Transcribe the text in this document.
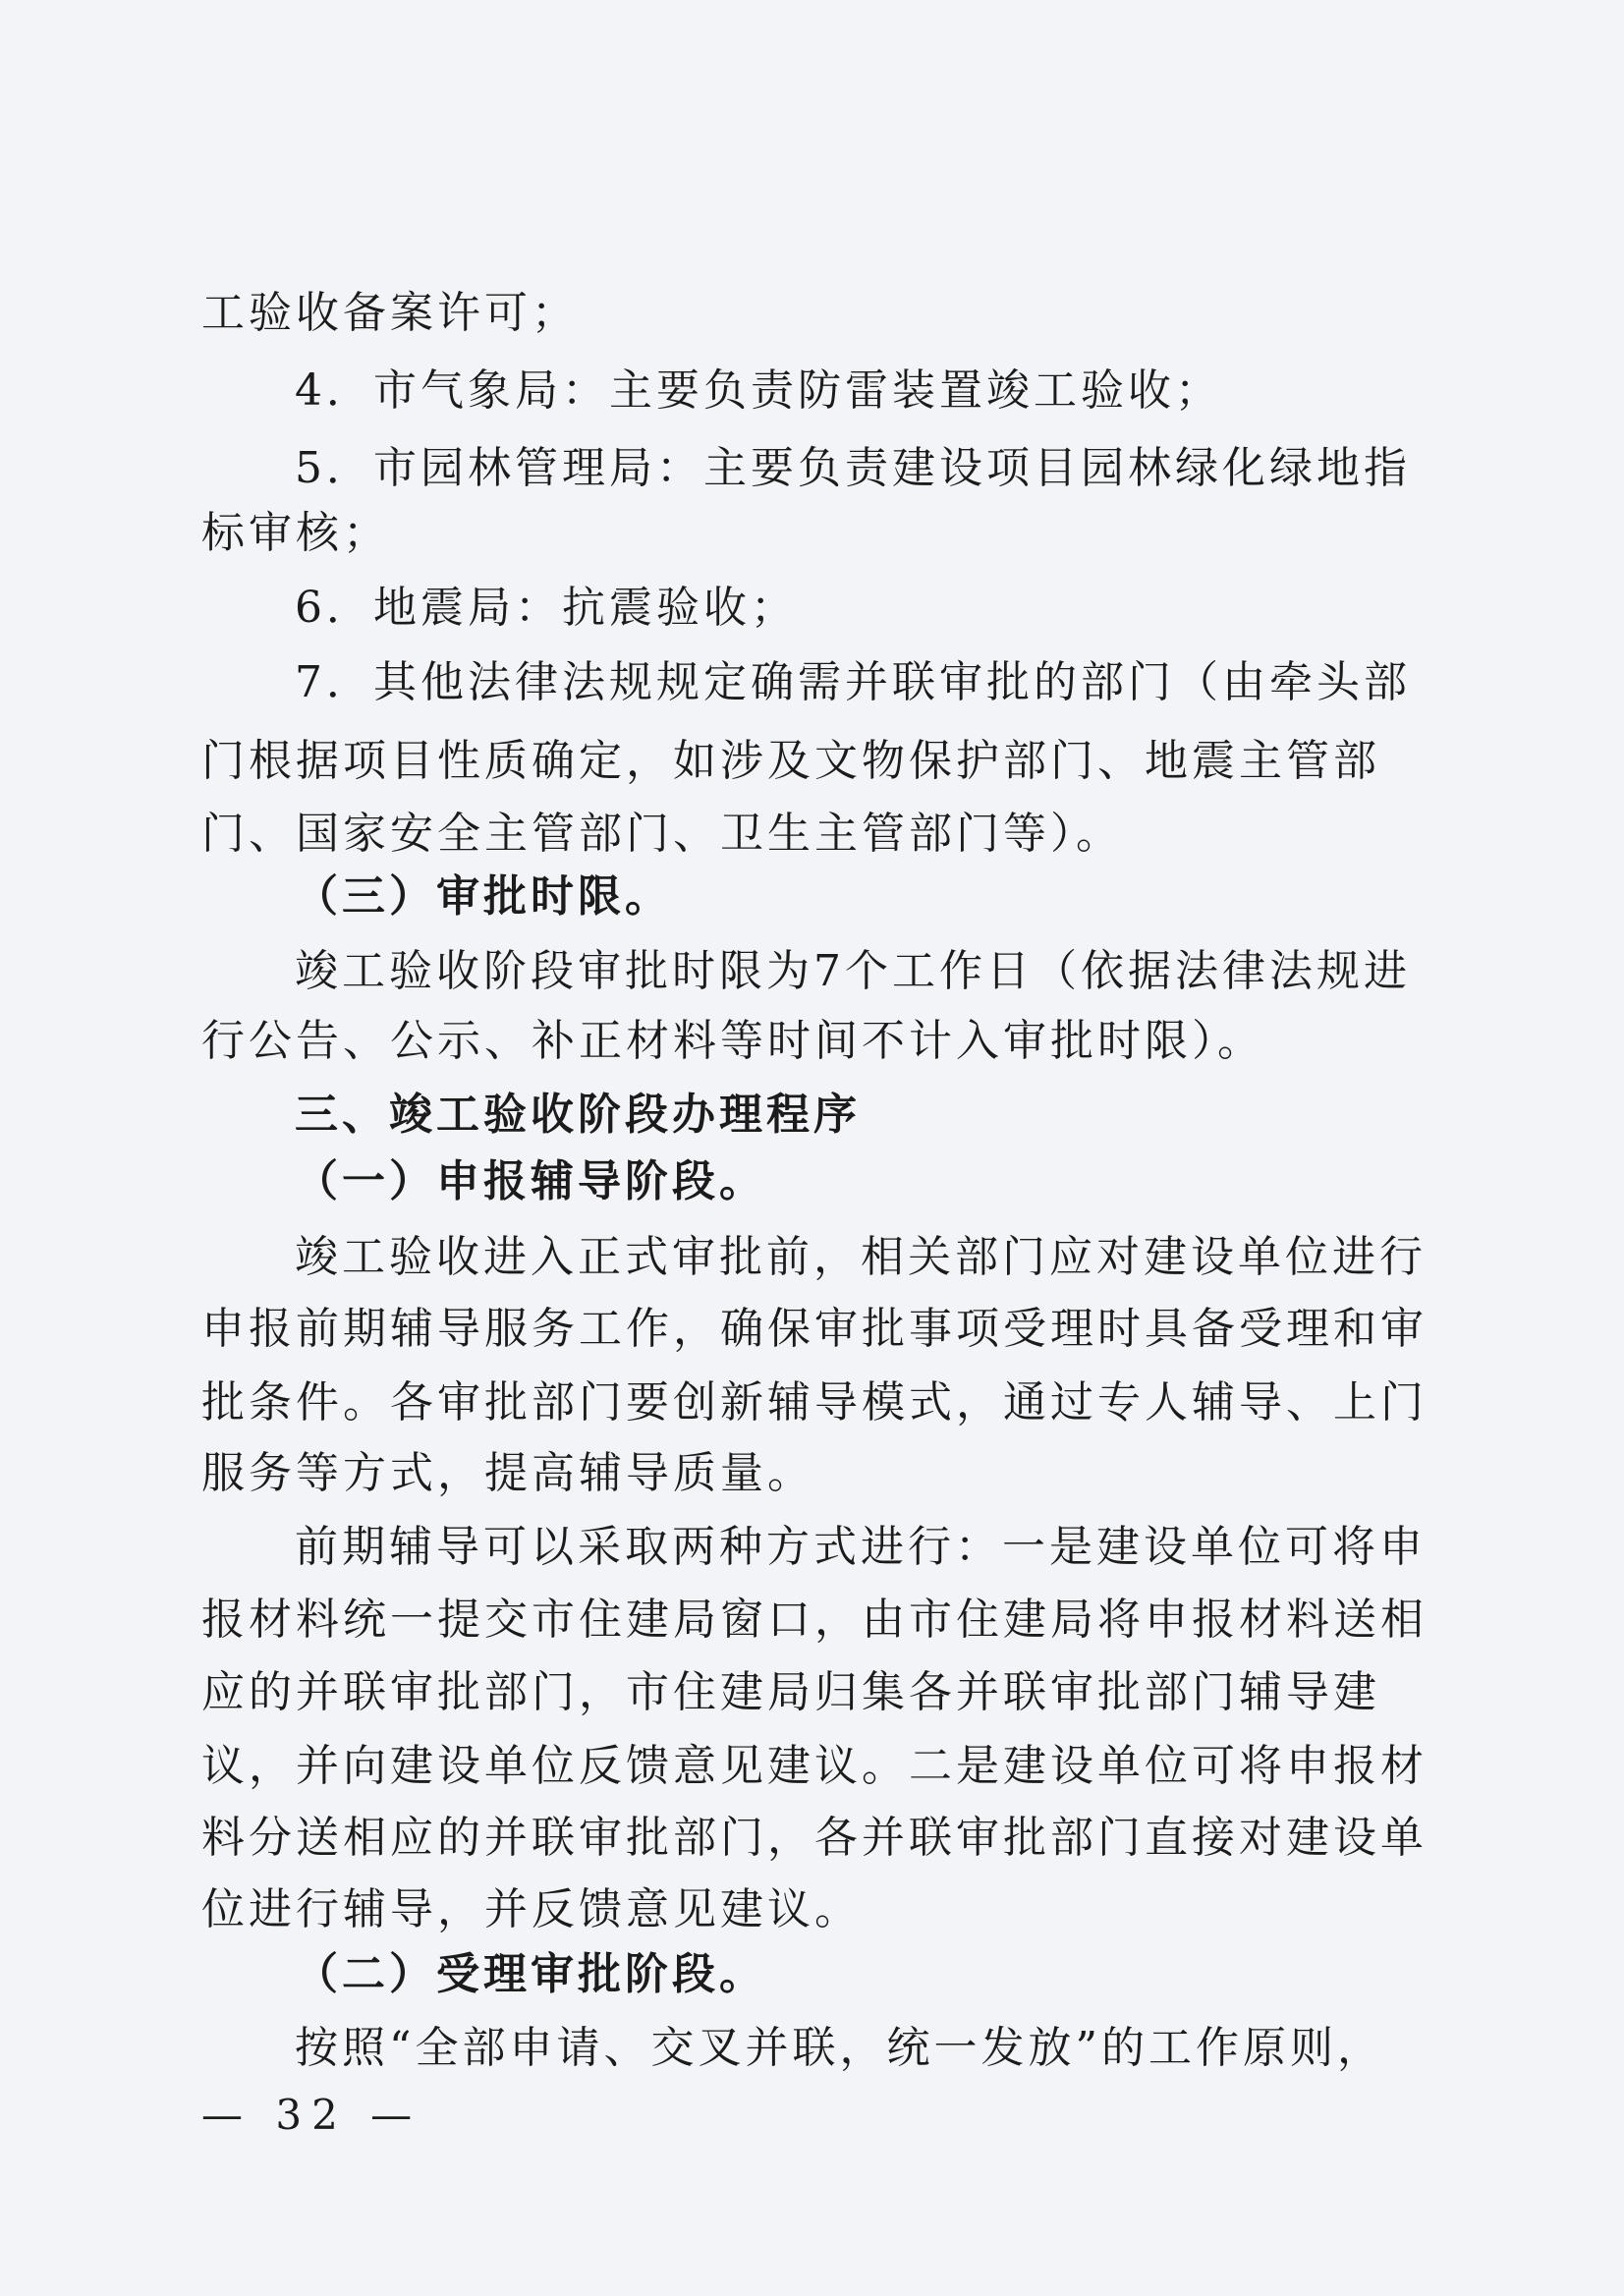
工验收备案许可；
4．市气象局：主要负责防雷装置竣工验收；
5．市园林管理局：主要负责建设项目园林绿化绿地指
标审核；
6．地震局：抗震验收；
7．其他法律法规规定确需并联审批的部门（由牵头部
门根据项目性质确定，如涉及文物保护部门、地震主管部
门、国家安全主管部门、卫生主管部门等）。
（三）审批时限。
竣工验收阶段审批时限为7个工作日（依据法律法规进
行公告、公示、补正材料等时间不计入审批时限）。
三、竣工验收阶段办理程序
（一）申报辅导阶段。
竣工验收进入正式审批前，相关部门应对建设单位进行
申报前期辅导服务工作，确保审批事项受理时具备受理和审
批条件。各审批部门要创新辅导模式，通过专人辅导、上门
服务等方式，提高辅导质量。
前期辅导可以采取两种方式进行：一是建设单位可将申
报材料统一提交市住建局窗口，由市住建局将申报材料送相
应的并联审批部门，市住建局归集各并联审批部门辅导建
议，并向建设单位反馈意见建议。二是建设单位可将申报材
料分送相应的并联审批部门，各并联审批部门直接对建设单
位进行辅导，并反馈意见建议。
（二）受理审批阶段。
按照“全部申请、交叉并联，统一发放”的工作原则，
— 32 —
